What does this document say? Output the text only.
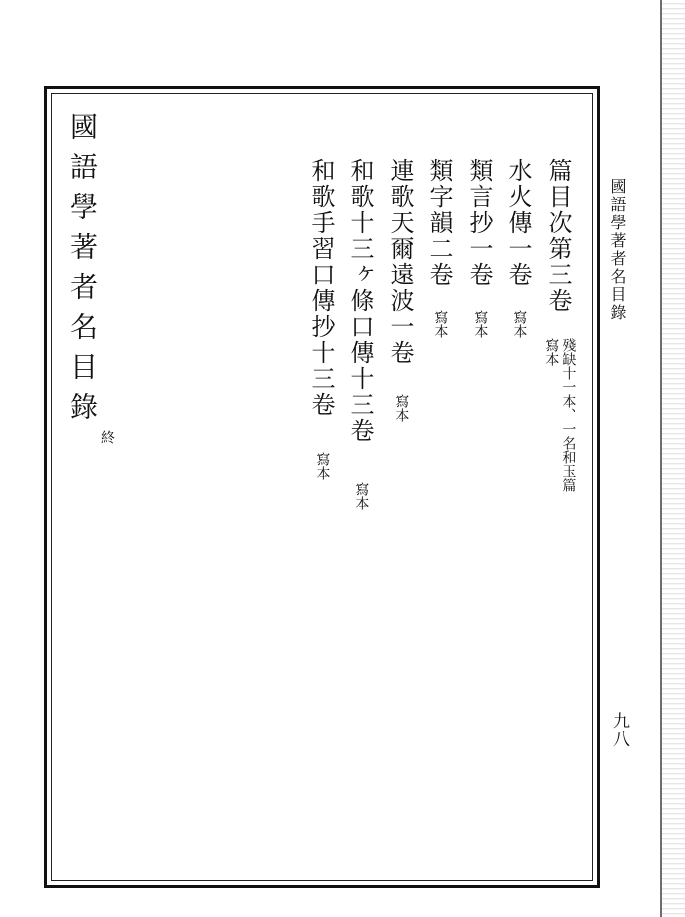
國語學著者名目錄
九八
篇目次第三卷
殘缺十一本、一名和玉篇
寫本
水火傳一卷
寫本
類言抄一卷
寫本
類字韻二卷
寫本
連歌天爾遠波一卷
寫本
和歌十三ヶ條口傳十三卷
寫本
和歌手習口傳抄十三卷
寫本
國語學著者名目錄
終
